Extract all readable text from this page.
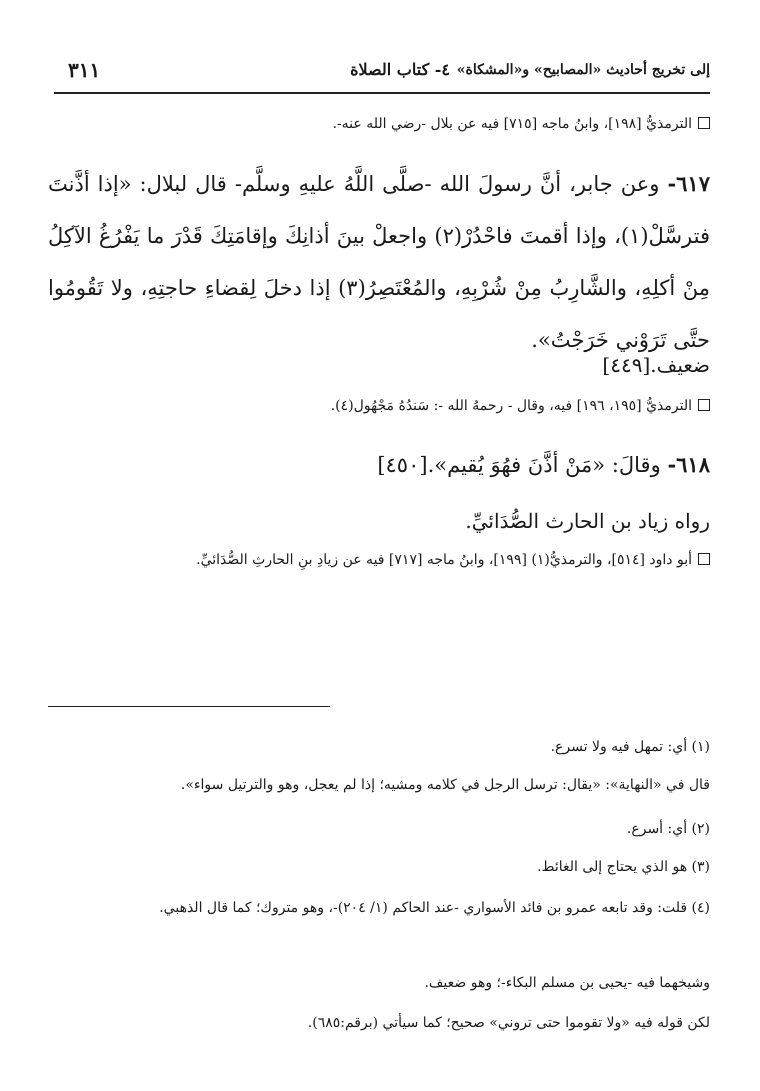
إلى تخريج أحاديث «المصابيح» و«المشكاة»
٤- كتاب الصلاة
٣١١
الترمذيُّ [١٩٨]، وابنُ ماجه [٧١٥] فيه عن بلال -رضي الله عنه-.
٦١٧- وعن جابر، أنَّ رسولَ الله -صلَّى اللَّهُ عليهِ وسلَّم- قال لبلال: «إذا أذَّنتَ فترسَّلْ(١)، وإذا أقمتَ فاحْدُرْ(٢) واجعلْ بينَ أذانِكَ وإقامَتِكَ قَدْرَ ما يَفْرُغُ الآكِلُ مِنْ أكلِهِ، والشَّارِبُ مِنْ شُرْبِهِ، والمُعْتَصِرُ(٣) إذا دخلَ لِقضاءِ حاجتِهِ، ولا تَقُومُوا حتَّى تَرَوْني خَرَجْتُ».
ضعيف.[٤٤٩]
الترمذيُّ [١٩٥، ١٩٦] فيه، وقال - رحمهُ الله -: سَندُهُ مَجْهُول(٤).
٦١٨- وقالَ: «مَنْ أذَّنَ فهُوَ يُقيم».[٤٥٠]
رواه زياد بن الحارث الصُّدَائيِّ.
أبو داود [٥١٤]، والترمذيُّ(١) [١٩٩]، وابنُ ماجه [٧١٧] فيه عن زيادِ بنِ الحارثِ الصُّدَائيِّ.
(١) أي: تمهل فيه ولا تسرع.
قال في «النهاية»: «يقال: ترسل الرجل في كلامه ومشيه؛ إذا لم يعجل، وهو والترتيل سواء».
(٢) أي: أسرع.
(٣) هو الذي يحتاج إلى الغائط.
(٤) قلت: وقد تابعه عمرو بن فائد الأسواري -عند الحاكم (١/ ٢٠٤)-، وهو متروك؛ كما قال الذهبي.
وشيخهما فيه -يحيى بن مسلم البكاء-؛ وهو ضعيف.
لكن قوله فيه «ولا تقوموا حتى تروني» صحيح؛ كما سيأتي (برقم:٦٨٥).
